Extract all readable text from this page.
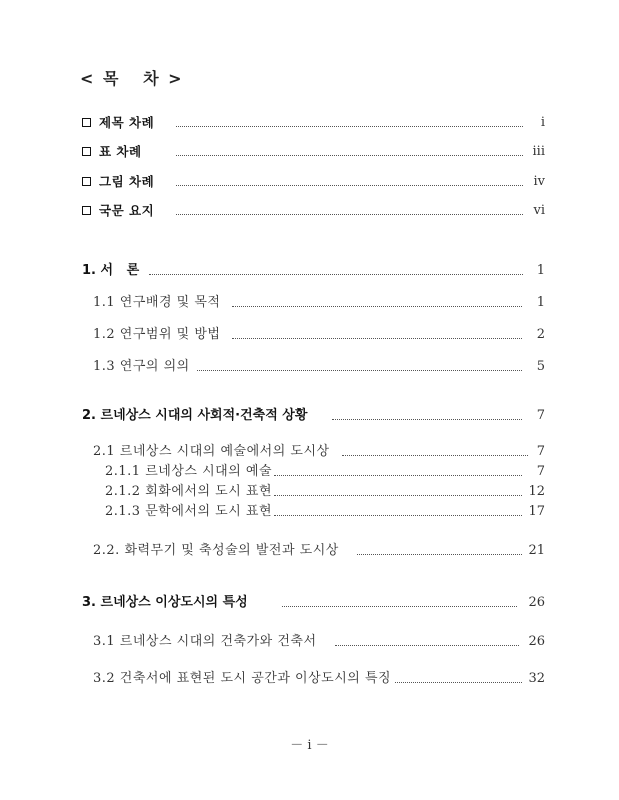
< 목   차 >
제목 차례	i
표 차례	iii
그림 차례	iv
국문 요지	vi
1. 서   론	1
1.1 연구배경 및 목적	1
1.2 연구범위 및 방법	2
1.3 연구의 의의	5
2. 르네상스 시대의 사회적·건축적 상황	7
2.1 르네상스 시대의 예술에서의 도시상	7
2.1.1 르네상스 시대의 예술	7
2.1.2 회화에서의 도시 표현	12
2.1.3 문학에서의 도시 표현	17
2.2. 화력무기 및 축성술의 발전과 도시상	21
3. 르네상스 이상도시의 특성	26
3.1 르네상스 시대의 건축가와 건축서	26
3.2 건축서에 표현된 도시 공간과 이상도시의 특징	32
－ i －
